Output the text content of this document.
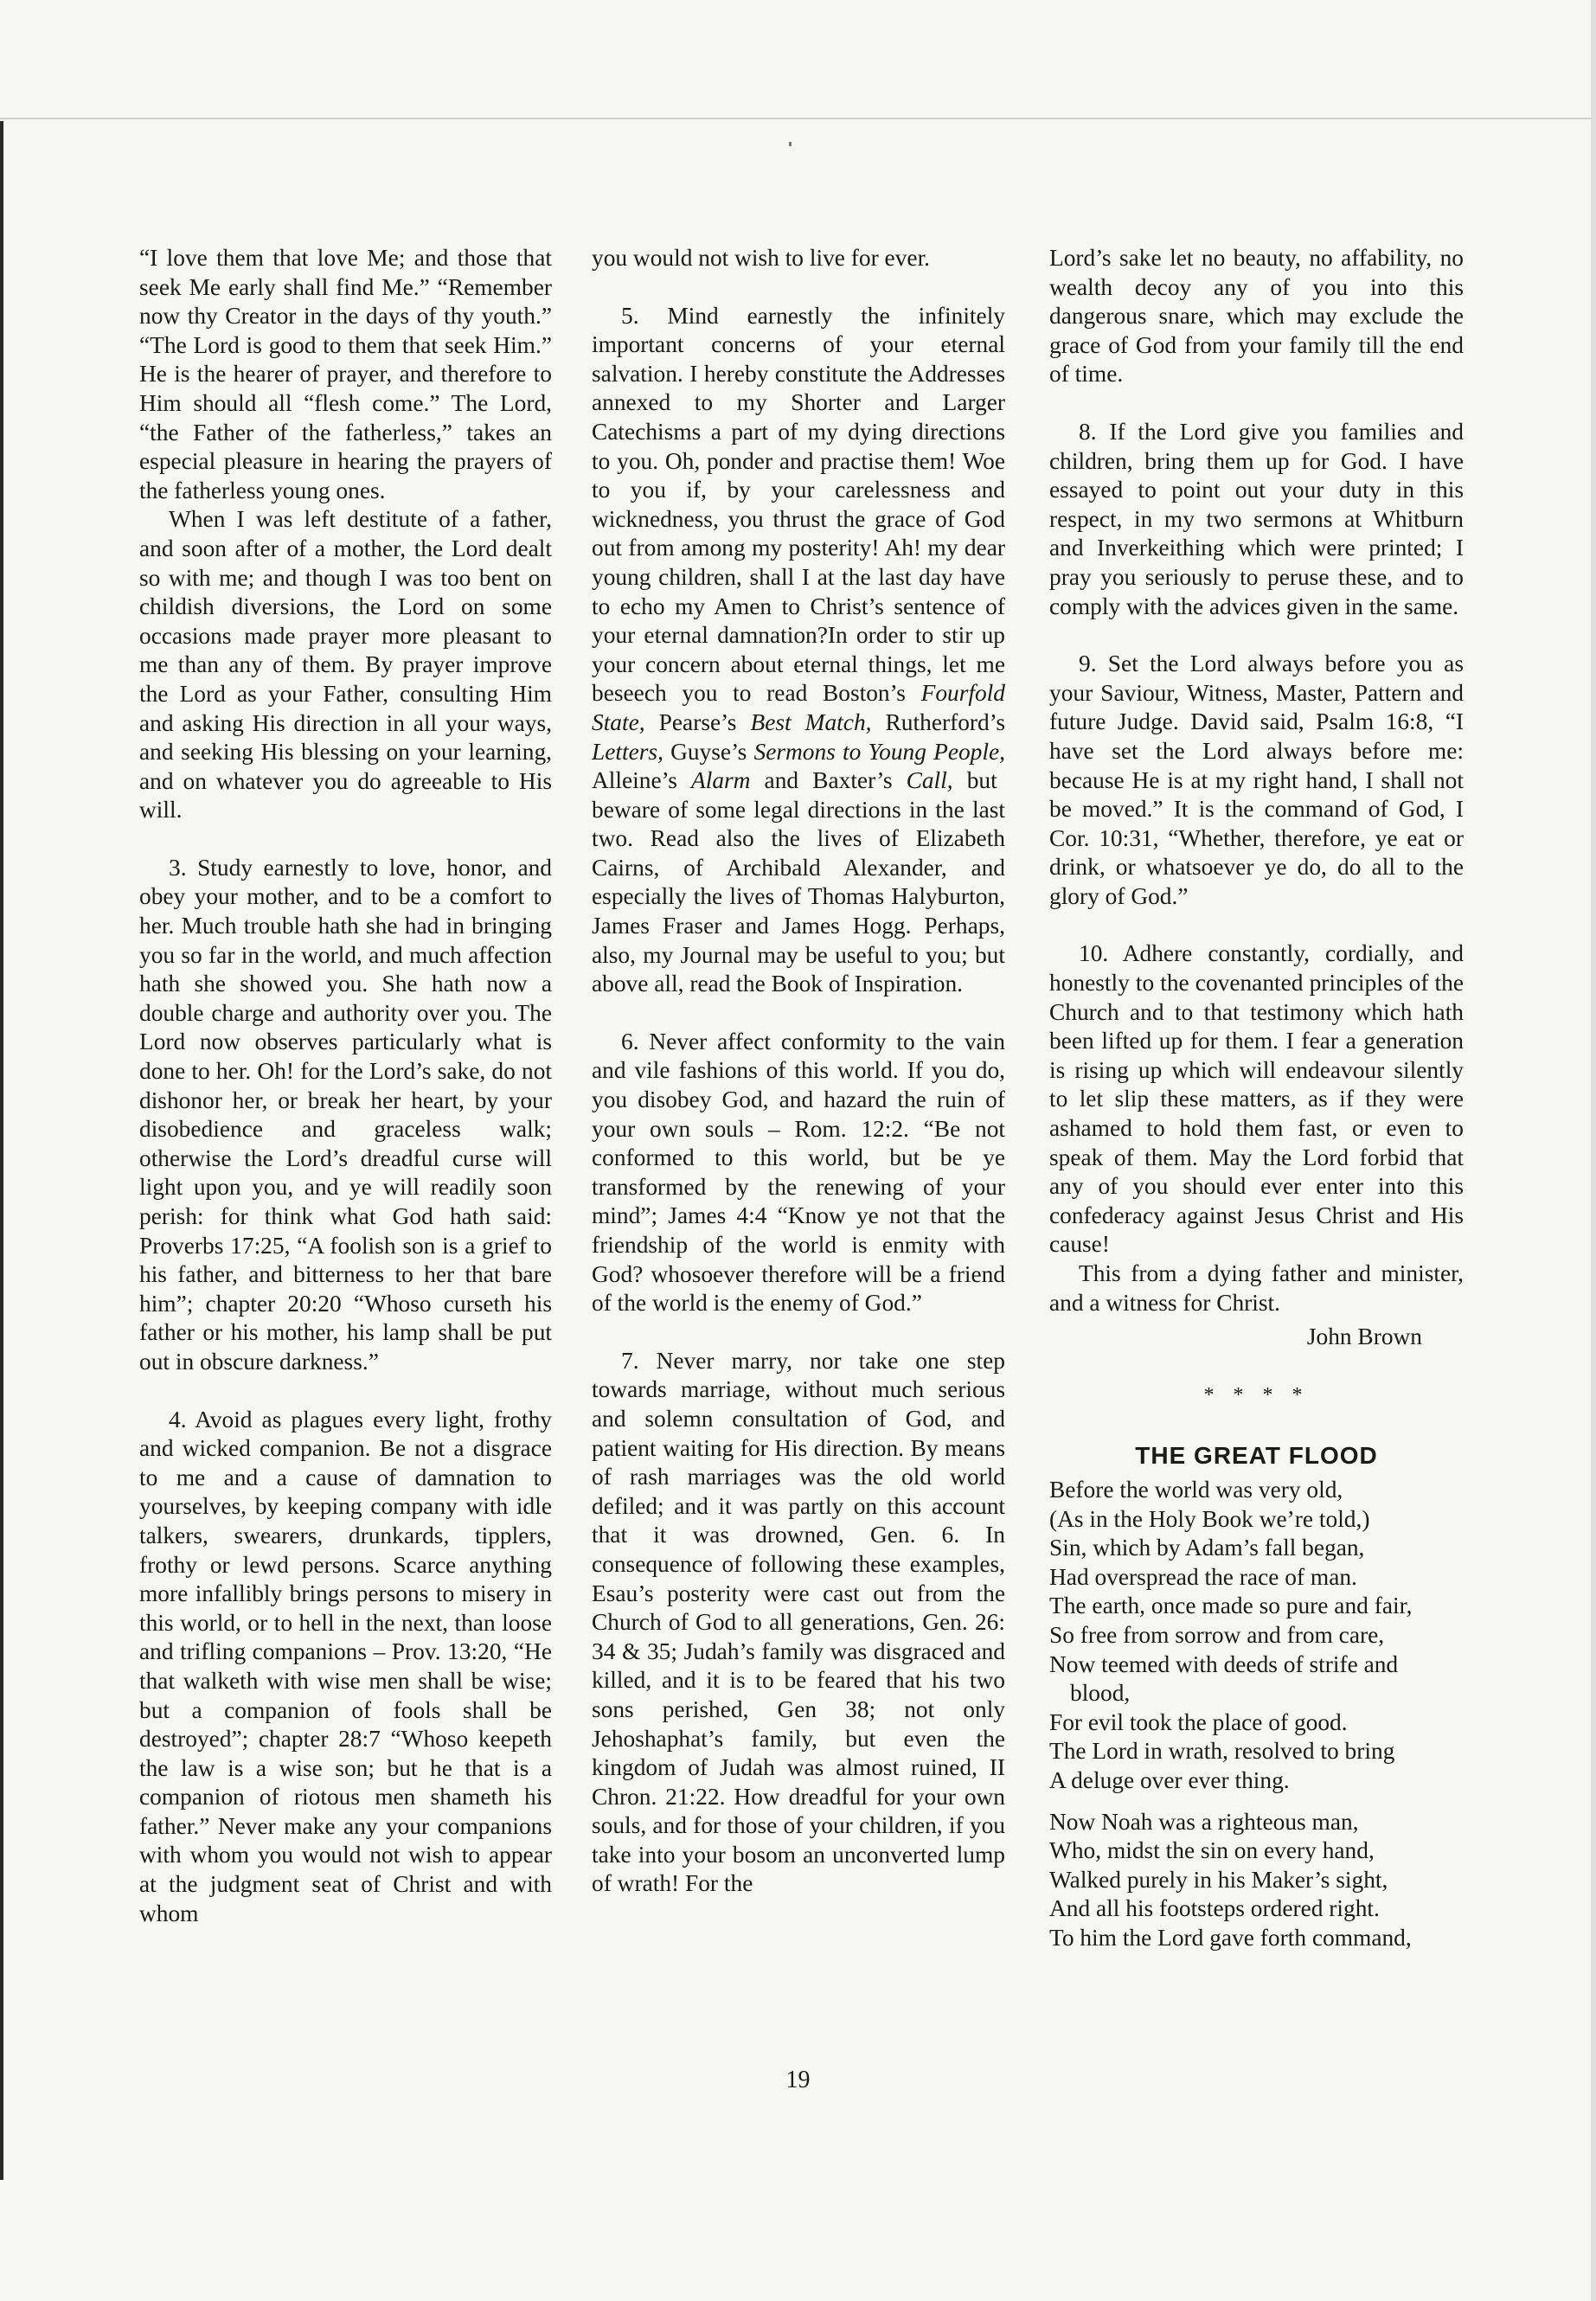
“I love them that love Me; and those that seek Me early shall find Me.” “Remember now thy Creator in the days of thy youth.” “The Lord is good to them that seek Him.” He is the hearer of prayer, and therefore to Him should all “flesh come.” The Lord, “the Father of the fatherless,” takes an especial pleasure in hearing the prayers of the fatherless young ones.

When I was left destitute of a father, and soon after of a mother, the Lord dealt so with me; and though I was too bent on childish diversions, the Lord on some occasions made prayer more pleasant to me than any of them. By prayer improve the Lord as your Father, consulting Him and asking His direction in all your ways, and seeking His blessing on your learning, and on whatever you do agreeable to His will.

3. Study earnestly to love, honor, and obey your mother, and to be a comfort to her. Much trouble hath she had in bringing you so far in the world, and much affection hath she showed you. She hath now a double charge and authority over you. The Lord now observes particularly what is done to her. Oh! for the Lord’s sake, do not dishonor her, or break her heart, by your disobedience and graceless walk; otherwise the Lord’s dreadful curse will light upon you, and ye will readily soon perish: for think what God hath said: Proverbs 17:25, “A foolish son is a grief to his father, and bitterness to her that bare him”; chapter 20:20 “Whoso curseth his father or his mother, his lamp shall be put out in obscure darkness.”

4. Avoid as plagues every light, frothy and wicked companion. Be not a disgrace to me and a cause of damnation to yourselves, by keeping company with idle talkers, swearers, drunkards, tipplers, frothy or lewd persons. Scarce anything more infallibly brings persons to misery in this world, or to hell in the next, than loose and trifling companions – Prov. 13:20, “He that walketh with wise men shall be wise; but a companion of fools shall be destroyed”; chapter 28:7 “Whoso keepeth the law is a wise son; but he that is a companion of riotous men shameth his father.” Never make any your companions with whom you would not wish to appear at the judgment seat of Christ and with whom

you would not wish to live for ever.

5. Mind earnestly the infinitely important concerns of your eternal salvation. I hereby constitute the Addresses annexed to my Shorter and Larger Catechisms a part of my dying directions to you. Oh, ponder and practise them! Woe to you if, by your carelessness and wicknedness, you thrust the grace of God out from among my posterity! Ah! my dear young children, shall I at the last day have to echo my Amen to Christ’s sentence of your eternal damnation?In order to stir up your concern about eternal things, let me beseech you to read Boston’s Fourfold State, Pearse’s Best Match, Rutherford’s Letters, Guyse’s Sermons to Young People, Alleine’s Alarm and Baxter’s Call, but beware of some legal directions in the last two. Read also the lives of Elizabeth Cairns, of Archibald Alexander, and especially the lives of Thomas Halyburton, James Fraser and James Hogg. Perhaps, also, my Journal may be useful to you; but above all, read the Book of Inspiration.

6. Never affect conformity to the vain and vile fashions of this world. If you do, you disobey God, and hazard the ruin of your own souls – Rom. 12:2. “Be not conformed to this world, but be ye transformed by the renewing of your mind”; James 4:4 “Know ye not that the friendship of the world is enmity with God? whosoever therefore will be a friend of the world is the enemy of God.”

7. Never marry, nor take one step towards marriage, without much serious and solemn consultation of God, and patient waiting for His direction. By means of rash marriages was the old world defiled; and it was partly on this account that it was drowned, Gen. 6. In consequence of following these examples, Esau’s posterity were cast out from the Church of God to all generations, Gen. 26: 34 & 35; Judah’s family was disgraced and killed, and it is to be feared that his two sons perished, Gen 38; not only Jehoshaphat’s family, but even the kingdom of Judah was almost ruined, II Chron. 21:22. How dreadful for your own souls, and for those of your children, if you take into your bosom an unconverted lump of wrath! For the

Lord’s sake let no beauty, no affability, no wealth decoy any of you into this dangerous snare, which may exclude the grace of God from your family till the end of time.

8. If the Lord give you families and children, bring them up for God. I have essayed to point out your duty in this respect, in my two sermons at Whitburn and Inverkeithing which were printed; I pray you seriously to peruse these, and to comply with the advices given in the same.

9. Set the Lord always before you as your Saviour, Witness, Master, Pattern and future Judge. David said, Psalm 16:8, “I have set the Lord always before me: because He is at my right hand, I shall not be moved.” It is the command of God, I Cor. 10:31, “Whether, therefore, ye eat or drink, or whatsoever ye do, do all to the glory of God.”

10. Adhere constantly, cordially, and honestly to the covenanted principles of the Church and to that testimony which hath been lifted up for them. I fear a generation is rising up which will endeavour silently to let slip these matters, as if they were ashamed to hold them fast, or even to speak of them. May the Lord forbid that any of you should ever enter into this confederacy against Jesus Christ and His cause!

This from a dying father and minister, and a witness for Christ.

John Brown
* * * *
THE GREAT FLOOD
Before the world was very old,
(As in the Holy Book we’re told,)
Sin, which by Adam’s fall began,
Had overspread the race of man.
The earth, once made so pure and fair,
So free from sorrow and from care,
Now teemed with deeds of strife and
blood,
For evil took the place of good.
The Lord in wrath, resolved to bring
A deluge over ever thing.
Now Noah was a righteous man,
Who, midst the sin on every hand,
Walked purely in his Maker’s sight,
And all his footsteps ordered right.
To him the Lord gave forth command,
19
